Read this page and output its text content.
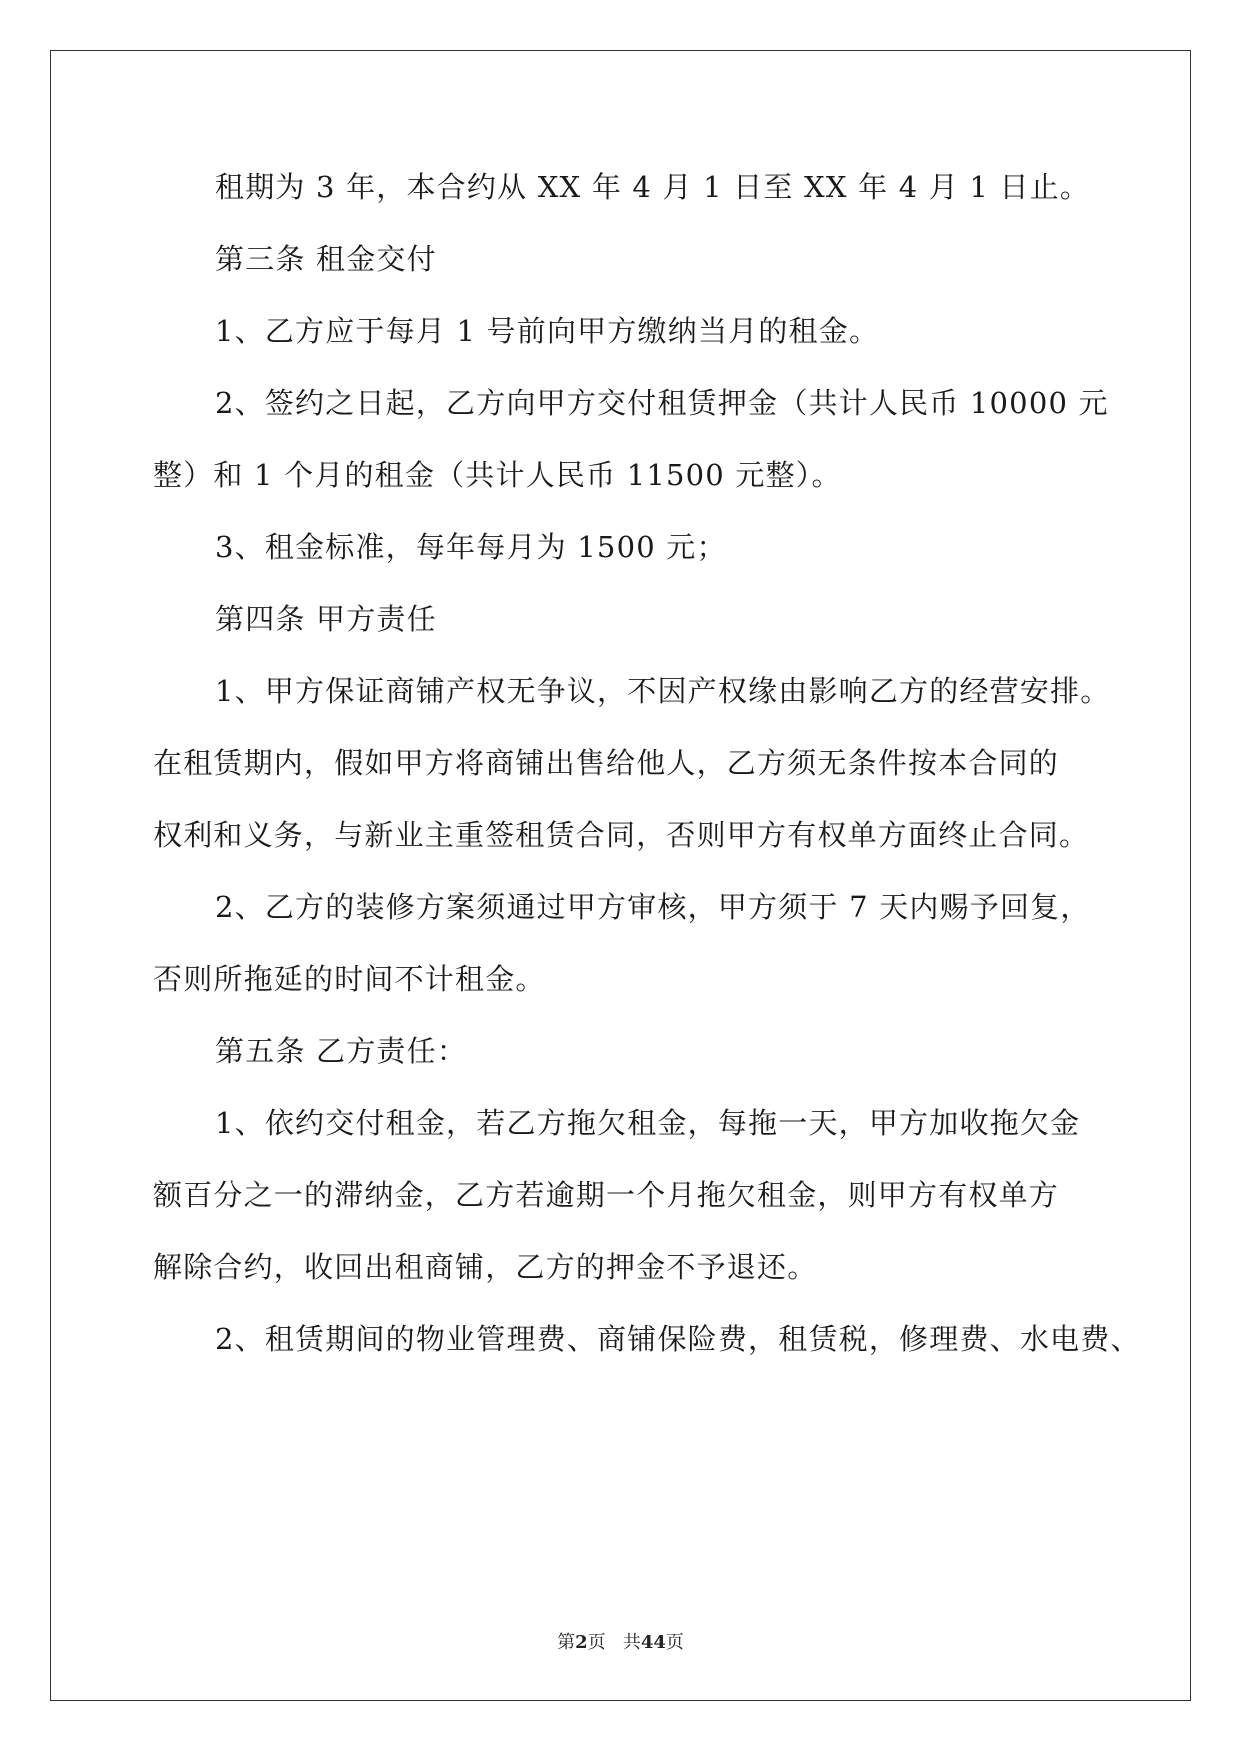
租期为 3 年，本合约从 XX 年 4 月 1 日至 XX 年 4 月 1 日止。
第三条 租金交付
1、乙方应于每月 1 号前向甲方缴纳当月的租金。
2、签约之日起，乙方向甲方交付租赁押金（共计人民币 10000 元
整）和 1 个月的租金（共计人民币 11500 元整）。
3、租金标准，每年每月为 1500 元；
第四条 甲方责任
1、甲方保证商铺产权无争议，不因产权缘由影响乙方的经营安排。
在租赁期内，假如甲方将商铺出售给他人，乙方须无条件按本合同的
权利和义务，与新业主重签租赁合同，否则甲方有权单方面终止合同。
2、乙方的装修方案须通过甲方审核，甲方须于 7 天内赐予回复，
否则所拖延的时间不计租金。
第五条 乙方责任：
1、依约交付租金，若乙方拖欠租金，每拖一天，甲方加收拖欠金
额百分之一的滞纳金，乙方若逾期一个月拖欠租金，则甲方有权单方
解除合约，收回出租商铺，乙方的押金不予退还。
2、租赁期间的物业管理费、商铺保险费，租赁税，修理费、水电费、
第2页 共44页
